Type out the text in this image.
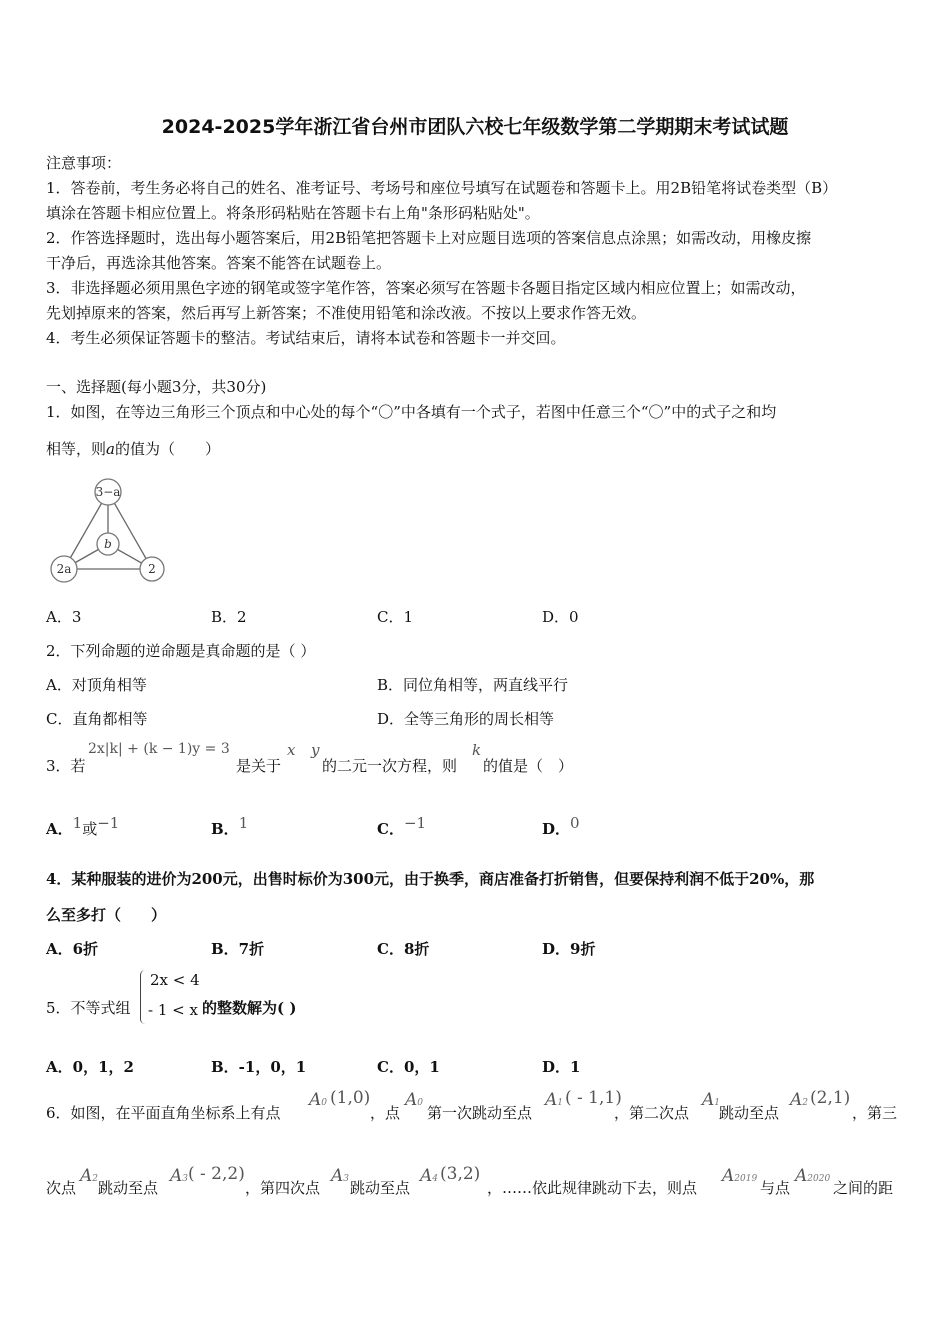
2024-2025学年浙江省台州市团队六校七年级数学第二学期期末考试试题
注意事项：
1．答卷前，考生务必将自己的姓名、准考证号、考场号和座位号填写在试题卷和答题卡上。用2B铅笔将试卷类型（B）
填涂在答题卡相应位置上。将条形码粘贴在答题卡右上角"条形码粘贴处"。
2．作答选择题时，选出每小题答案后，用2B铅笔把答题卡上对应题目选项的答案信息点涂黑；如需改动，用橡皮擦
干净后，再选涂其他答案。答案不能答在试题卷上。
3．非选择题必须用黑色字迹的钢笔或签字笔作答，答案必须写在答题卡各题目指定区域内相应位置上；如需改动，
先划掉原来的答案，然后再写上新答案；不准使用铅笔和涂改液。不按以上要求作答无效。
4．考生必须保证答题卡的整洁。考试结束后，请将本试卷和答题卡一并交回。
一、选择题(每小题3分，共30分)
1．如图，在等边三角形三个顶点和中心处的每个“〇”中各填有一个式子，若图中任意三个“〇”中的式子之和均
相等，则a的值为（　　）
3−a
b
2a	2
A．3	B．2	C．1	D．0
2．下列命题的逆命题是真命题的是（ ）
A．对顶角相等	B．同位角相等，两直线平行
C．直角都相等	D．全等三角形的周长相等
3．若
2x|k| + (k − 1)y = 3
是关于
x y
的二元一次方程，则
k
的值是（　）
A．1或−1	B．1	C．−1	D．0
4．某种服装的进价为200元，出售时标价为300元，由于换季，商店准备打折销售，但要保持利润不低于20%，那
么至多打（　　）
A．6折	B．7折	C．8折	D．9折
5．不等式组
2x < 4
- 1 < x 的整数解为( )
A．0，1，2	B．-1，0，1	C．0，1	D．1
6．如图，在平面直角坐标系上有点
A0 (1,0)
，点
A0
第一次跳动至点
A1 ( - 1,1)
，第二次点
A1
跳动至点
A2 (2,1)
，第三
次点
A2 跳动至点
A3 ( - 2,2)
，第四次点
A3 跳动至点
A4 (3,2)
，……依此规律跳动下去，则点
A2019 与点
A2020 之间的距
